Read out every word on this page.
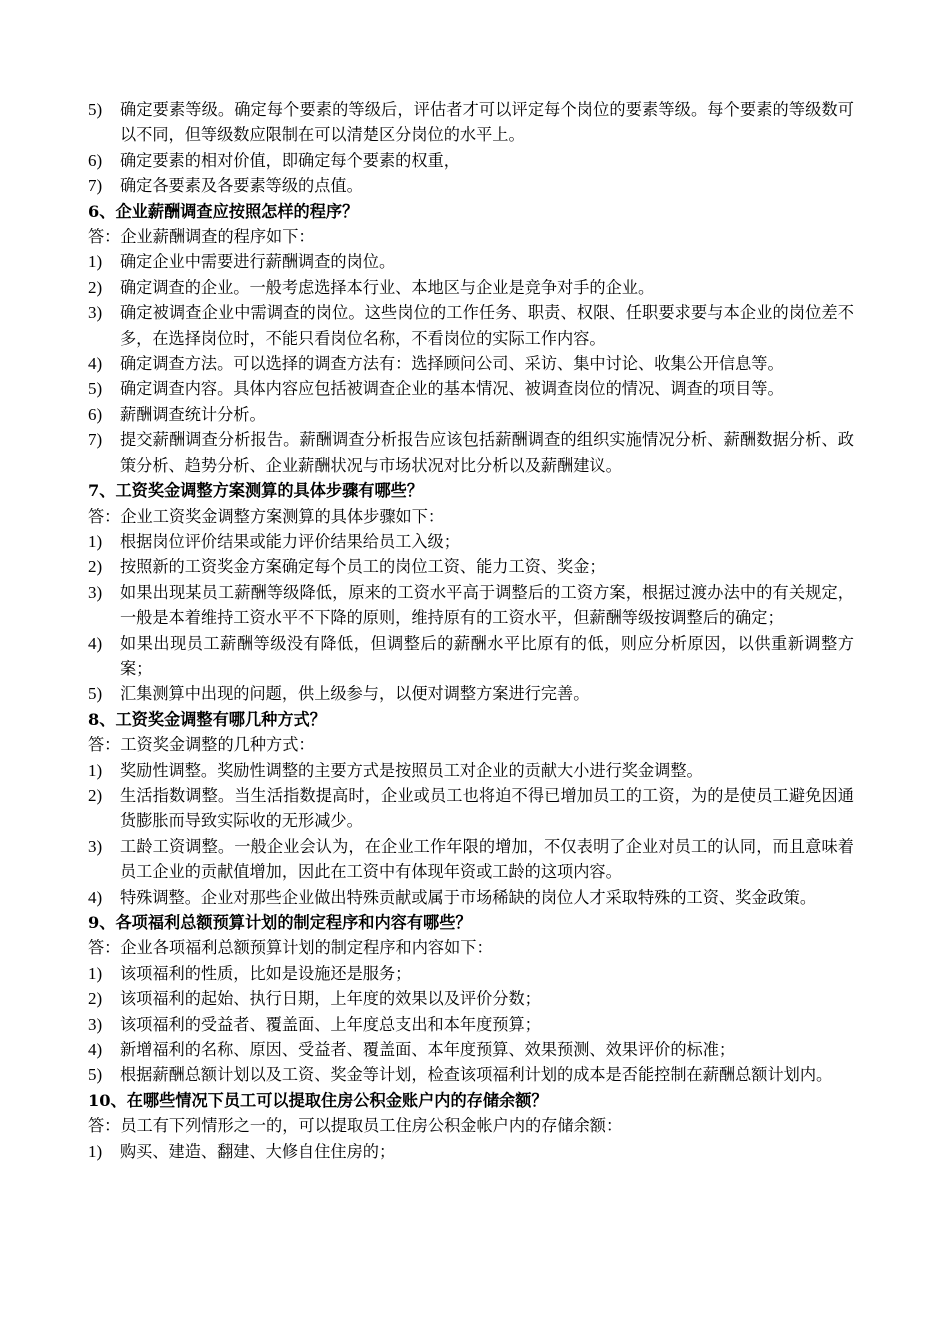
5)	确定要素等级。确定每个要素的等级后，评估者才可以评定每个岗位的要素等级。每个要素的等级数可以不同，但等级数应限制在可以清楚区分岗位的水平上。
6)	确定要素的相对价值，即确定每个要素的权重，
7)	确定各要素及各要素等级的点值。
6、企业薪酬调查应按照怎样的程序？
答：企业薪酬调查的程序如下：
1)	确定企业中需要进行薪酬调查的岗位。
2)	确定调查的企业。一般考虑选择本行业、本地区与企业是竞争对手的企业。
3)	确定被调查企业中需调查的岗位。这些岗位的工作任务、职责、权限、任职要求要与本企业的岗位差不多，在选择岗位时，不能只看岗位名称，不看岗位的实际工作内容。
4)	确定调查方法。可以选择的调查方法有：选择顾问公司、采访、集中讨论、收集公开信息等。
5)	确定调查内容。具体内容应包括被调查企业的基本情况、被调查岗位的情况、调查的项目等。
6)	薪酬调查统计分析。
7)	提交薪酬调查分析报告。薪酬调查分析报告应该包括薪酬调查的组织实施情况分析、薪酬数据分析、政策分析、趋势分析、企业薪酬状况与市场状况对比分析以及薪酬建议。
7、工资奖金调整方案测算的具体步骤有哪些？
答：企业工资奖金调整方案测算的具体步骤如下：
1)	根据岗位评价结果或能力评价结果给员工入级；
2)	按照新的工资奖金方案确定每个员工的岗位工资、能力工资、奖金；
3)	如果出现某员工薪酬等级降低，原来的工资水平高于调整后的工资方案，根据过渡办法中的有关规定，一般是本着维持工资水平不下降的原则，维持原有的工资水平，但薪酬等级按调整后的确定；
4)	如果出现员工薪酬等级没有降低，但调整后的薪酬水平比原有的低，则应分析原因，以供重新调整方案；
5)	汇集测算中出现的问题，供上级参与，以便对调整方案进行完善。
8、工资奖金调整有哪几种方式？
答：工资奖金调整的几种方式：
1)	奖励性调整。奖励性调整的主要方式是按照员工对企业的贡献大小进行奖金调整。
2)	生活指数调整。当生活指数提高时，企业或员工也将迫不得已增加员工的工资，为的是使员工避免因通货膨胀而导致实际收的无形减少。
3)	工龄工资调整。一般企业会认为，在企业工作年限的增加，不仅表明了企业对员工的认同，而且意味着员工企业的贡献值增加，因此在工资中有体现年资或工龄的这项内容。
4)	特殊调整。企业对那些企业做出特殊贡献或属于市场稀缺的岗位人才采取特殊的工资、奖金政策。
9、各项福利总额预算计划的制定程序和内容有哪些？
答：企业各项福利总额预算计划的制定程序和内容如下：
1)	该项福利的性质，比如是设施还是服务；
2)	该项福利的起始、执行日期，上年度的效果以及评价分数；
3)	该项福利的受益者、覆盖面、上年度总支出和本年度预算；
4)	新增福利的名称、原因、受益者、覆盖面、本年度预算、效果预测、效果评价的标准；
5)	根据薪酬总额计划以及工资、奖金等计划，检查该项福利计划的成本是否能控制在薪酬总额计划内。
10、在哪些情况下员工可以提取住房公积金账户内的存储余额？
答：员工有下列情形之一的，可以提取员工住房公积金帐户内的存储余额：
1)	购买、建造、翻建、大修自住住房的；
